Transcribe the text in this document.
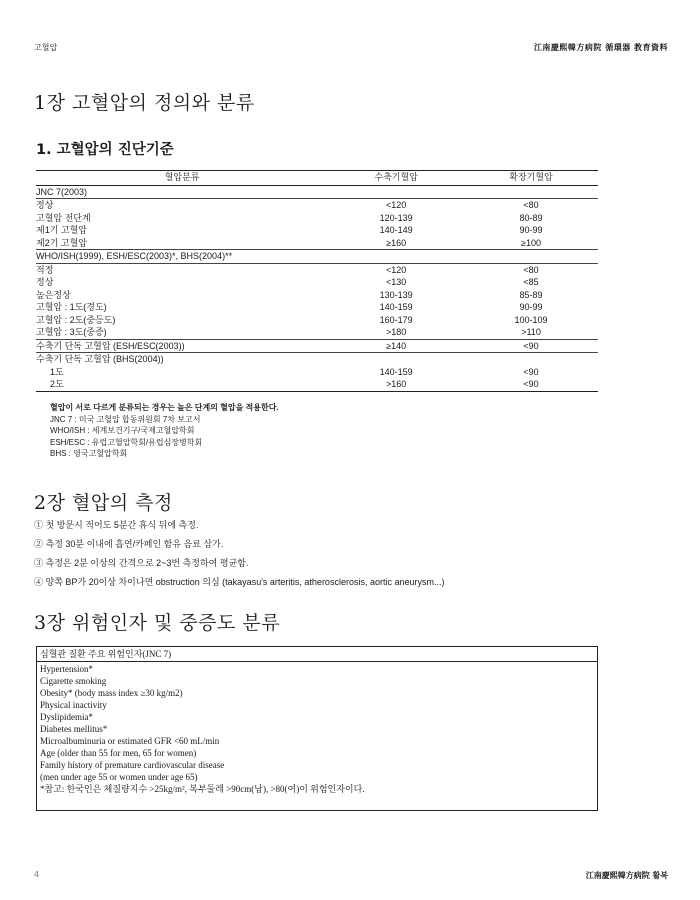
고혈압	江南慶熙韓方病院 循環器 教育資料
1장 고혈압의 정의와 분류
1. 고혈압의 진단기준
혈압분류	수축기혈압	확장기혈압
JNC 7(2003)		
정상	<120	<80
고혈압 전단계	120-139	80-89
제1기 고혈압	140-149	90-99
제2기 고혈압	≥160	≥100
WHO/ISH(1999), ESH/ESC(2003)*, BHS(2004)**		
적정	<120	<80
정상	<130	<85
높은정상	130-139	85-89
고혈압 : 1도(경도)	140-159	90-99
고혈압 : 2도(중등도)	160-179	100-109
고혈압 : 3도(중증)	>180	>110
수축기 단독 고혈압 (ESH/ESC(2003))	≥140	<90
수축기 단독 고혈압 (BHS(2004))		
1도	140-159	<90
2도	>160	<90
혈압이 서로 다르게 분류되는 경우는 높은 단계의 혈압을 적용한다.
JNC 7 : 미국 고혈압 합동위원회 7차 보고서
WHO/ISH : 세계보건기구/국제고혈압학회
ESH/ESC : 유럽고혈압학회/유럽심장병학회
BHS : 영국고혈압학회
2장 혈압의 측정
① 첫 방문시 적어도 5분간 휴식 뒤에 측정.
② 측정 30분 이내에 흡연/카페인 함유 음료 삼가.
③ 측정은 2분 이상의 간격으로 2~3번 측정하여 평균함.
④ 양쪽 BP가 20이상 차이나면 obstruction 의심 (takayasu's arteritis, atherosclerosis, aortic aneurysm...)
3장 위험인자 및 중증도 분류
심혈관 질환 주요 위험인자(JNC 7)
Hypertension*
Cigarette smoking
Obesity* (body mass index ≥30 kg/m2)
Physical inactivity
Dyslipidemia*
Diabetes mellitus*
Microalbuminuria or estimated GFR <60 mL/min
Age (older than 55 for men, 65 for women)
Family history of premature cardiovascular disease
(men under age 55 or women under age 65)
*참고: 한국인은 체질량지수 >25kg/m², 복부둘레 >90cm(남), >80(여)이 위험인자이다.
4	江南慶熙韓方病院 활복
